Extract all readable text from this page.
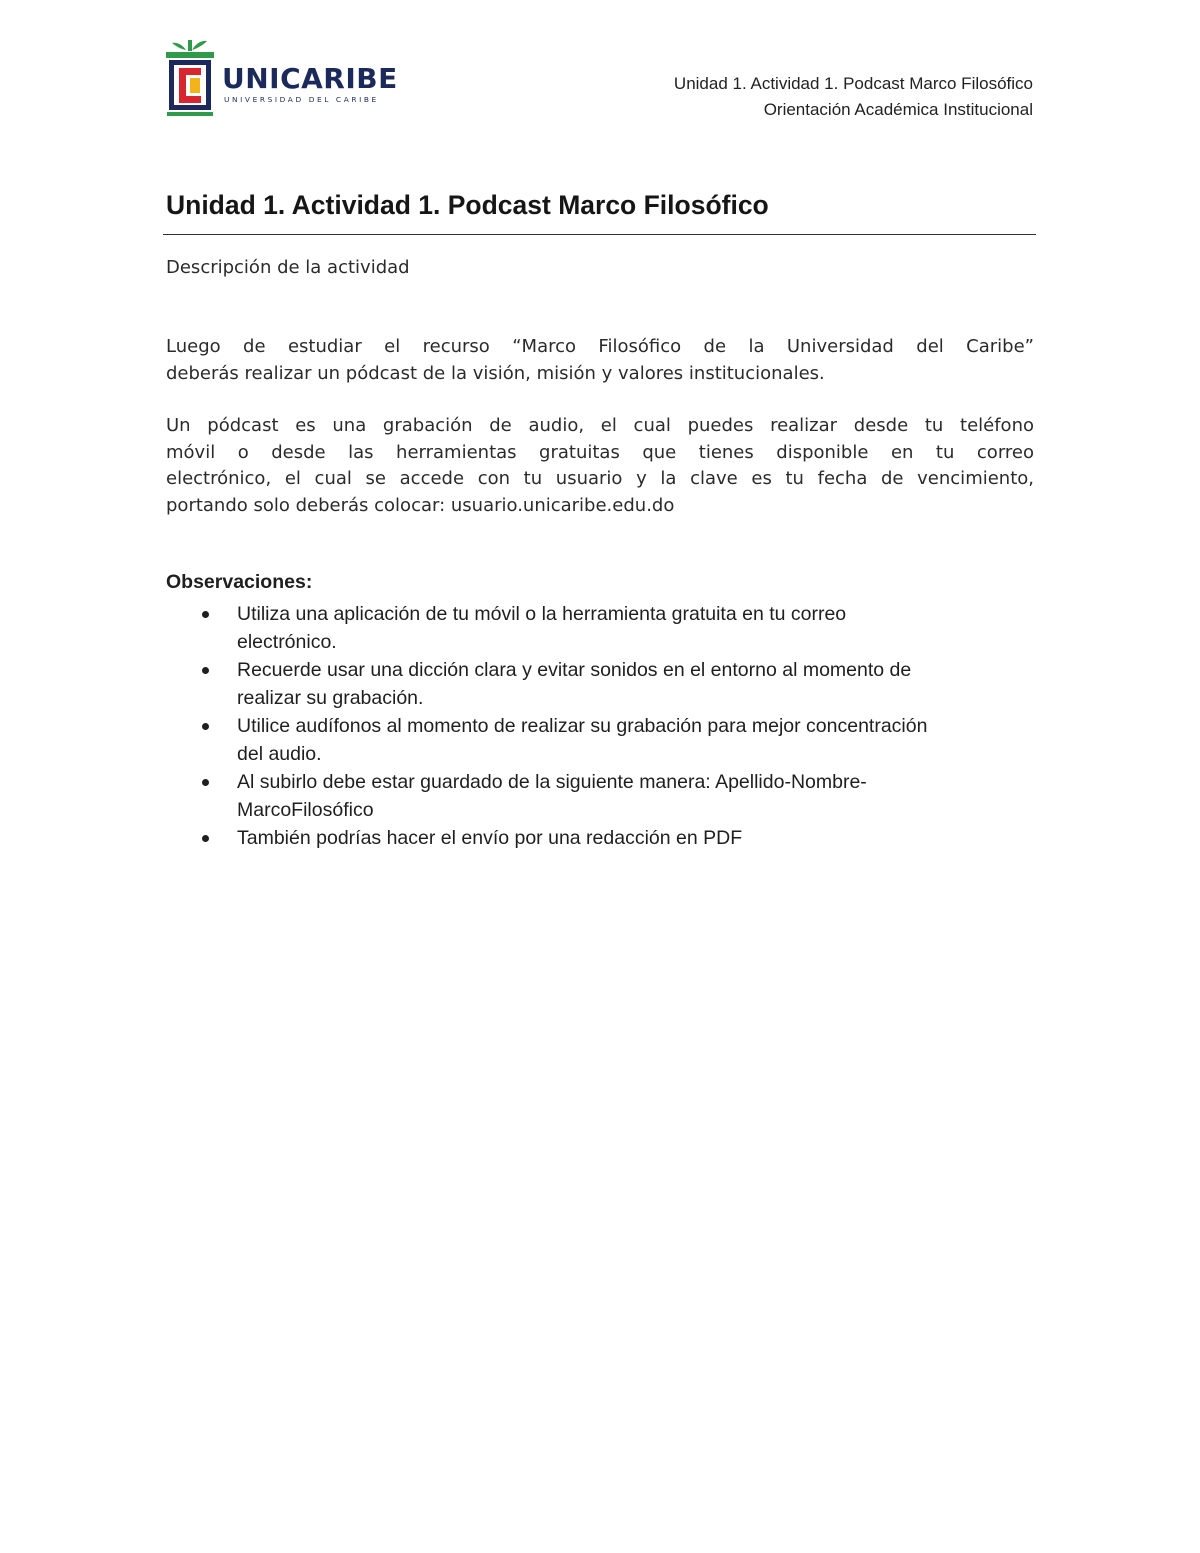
UNICARIBE

UNIVERSIDAD DEL CARIBE

Unidad 1. Actividad 1. Podcast Marco Filosófico
Orientación Académica Institucional
Unidad 1. Actividad 1. Podcast Marco Filosófico

Descripción de la actividad

Luego de estudiar el recurso “Marco Filosófico de la Universidad del Caribe”
deberás realizar un pódcast de la visión, misión y valores institucionales.
Un pódcast es una grabación de audio, el cual puedes realizar desde tu teléfono
móvil o desde las herramientas gratuitas que tienes disponible en tu correo
electrónico, el cual se accede con tu usuario y la clave es tu fecha de vencimiento,
portando solo deberás colocar: usuario.unicaribe.edu.do

Observaciones:

Utiliza una aplicación de tu móvil o la herramienta gratuita en tu correo
electrónico.
Recuerde usar una dicción clara y evitar sonidos en el entorno al momento de
realizar su grabación.
Utilice audífonos al momento de realizar su grabación para mejor concentración
del audio.
Al subirlo debe estar guardado de la siguiente manera: Apellido-Nombre-
MarcoFilosófico
También podrías hacer el envío por una redacción en PDF
